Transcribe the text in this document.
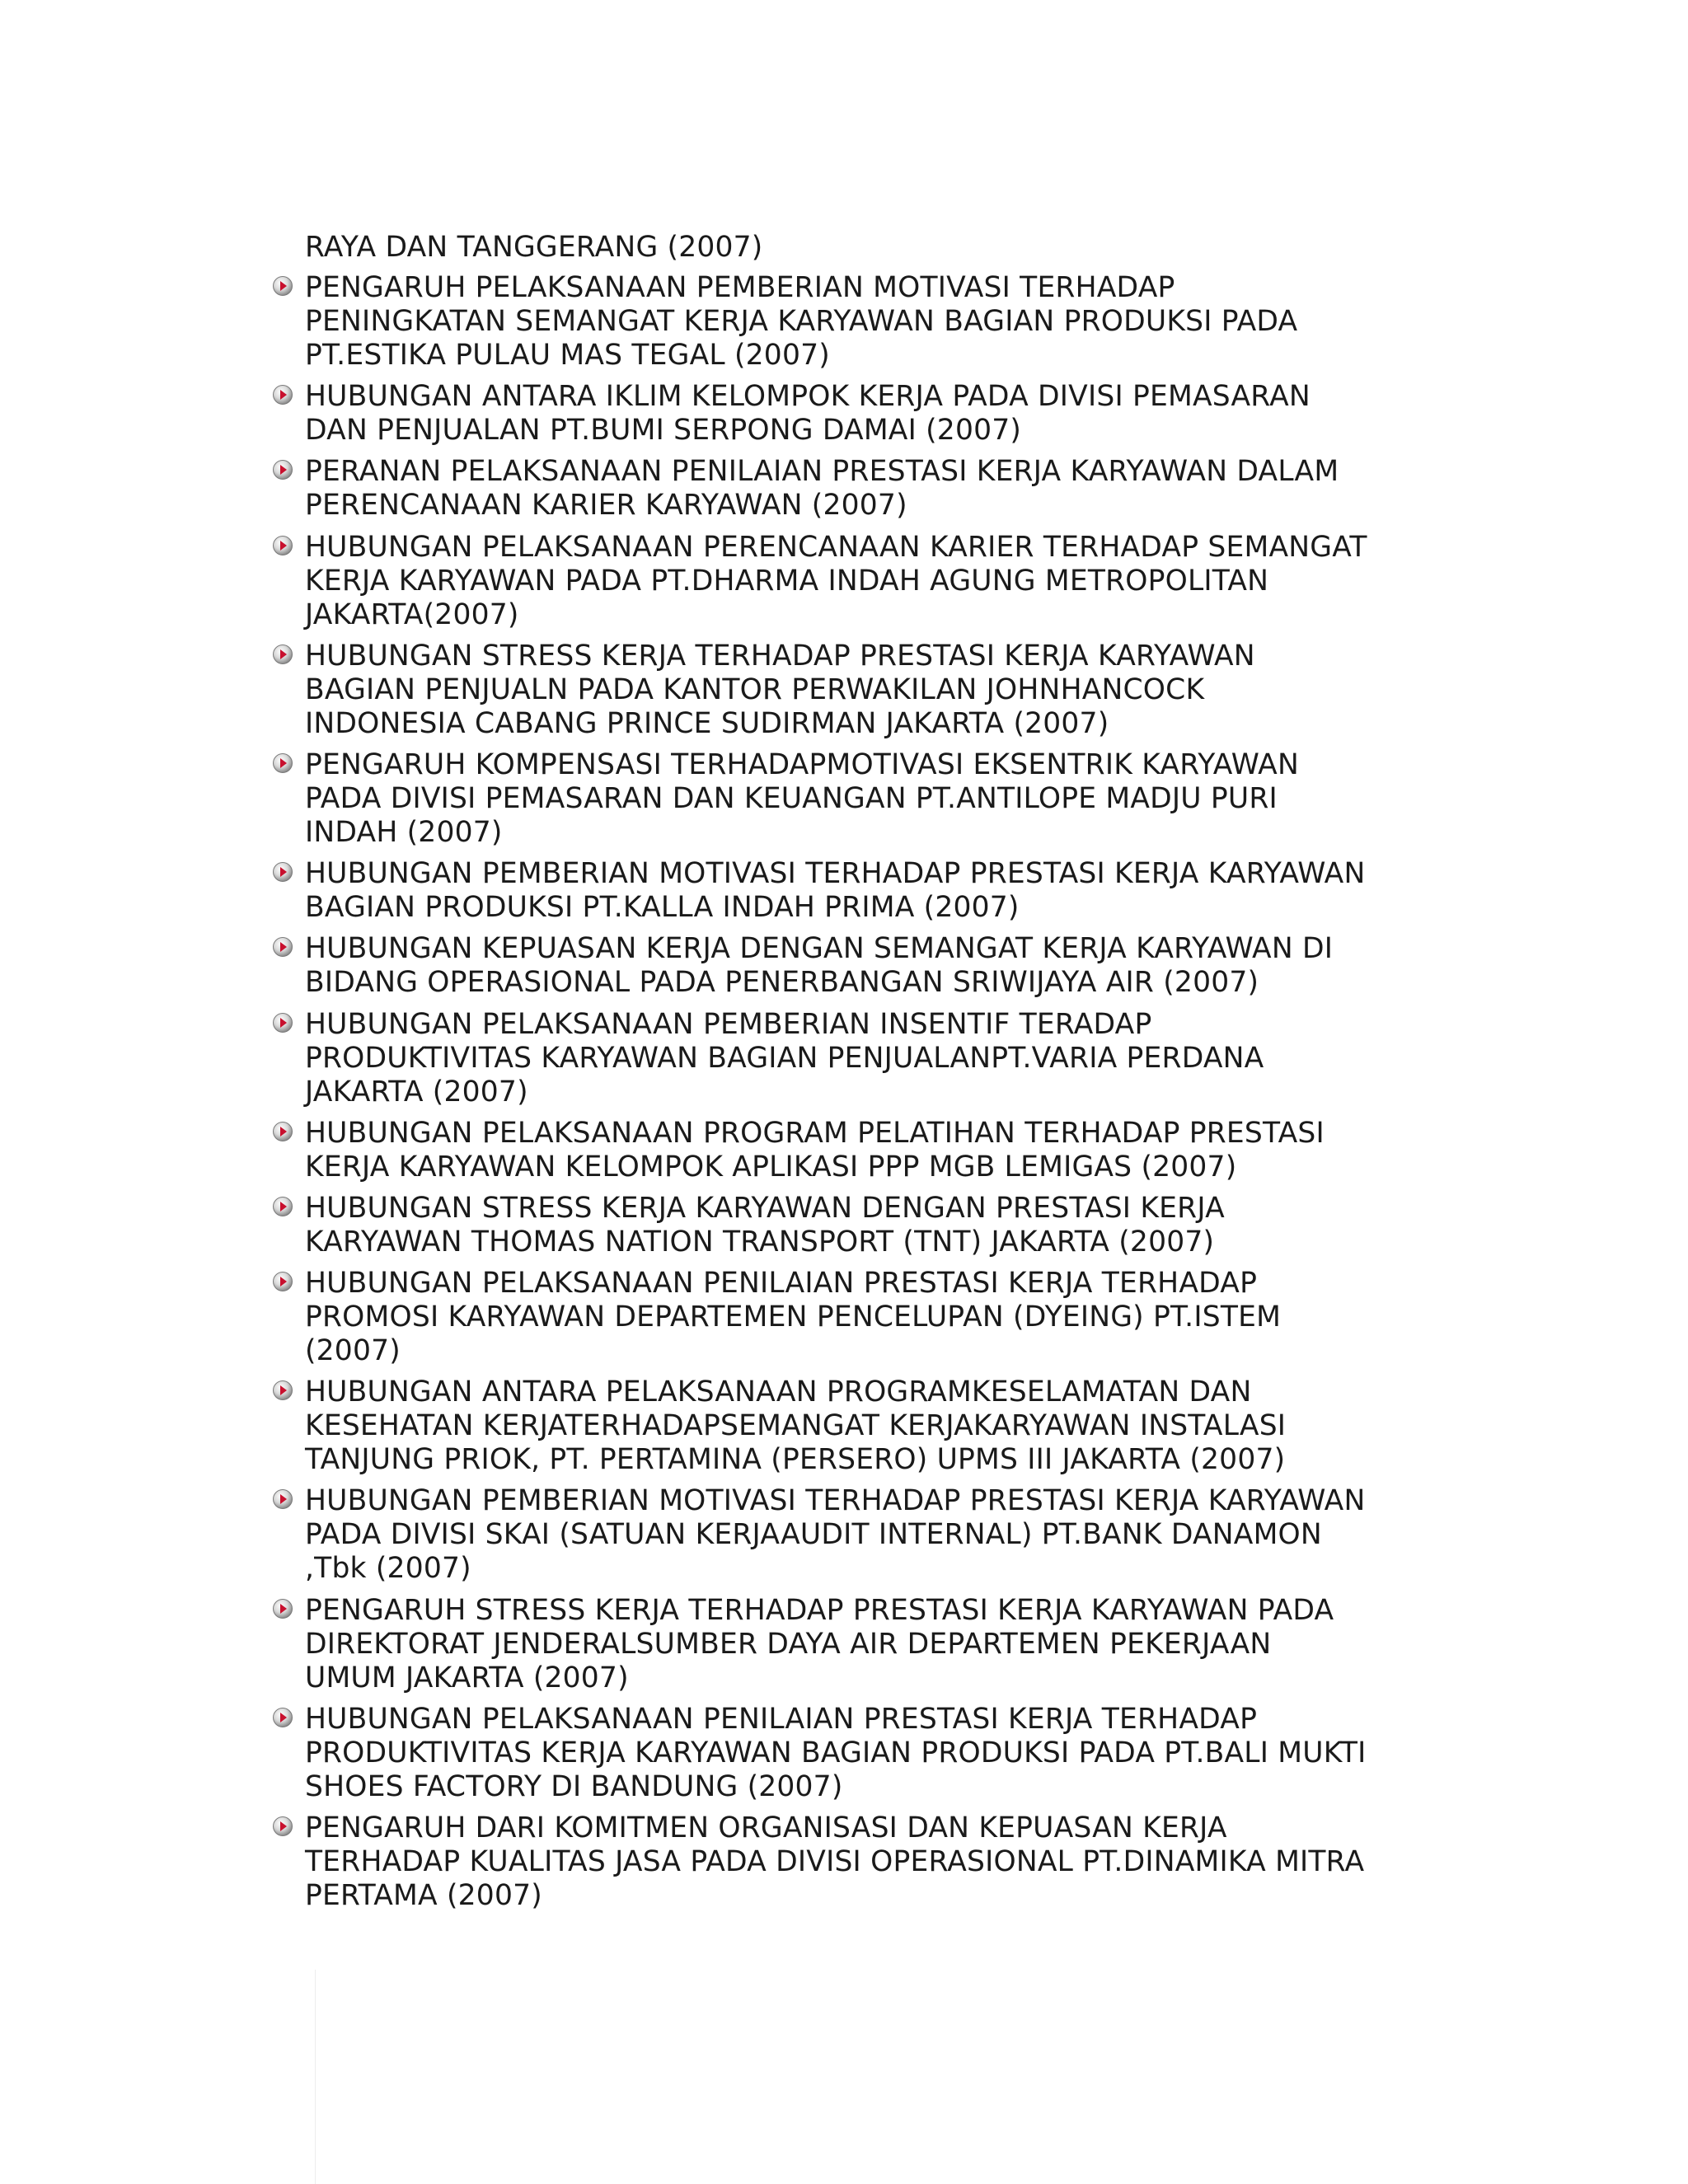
RAYA DAN TANGGERANG (2007)
PENGARUH PELAKSANAAN PEMBERIAN MOTIVASI TERHADAP PENINGKATAN SEMANGAT KERJA KARYAWAN BAGIAN PRODUKSI PADA PT.ESTIKA PULAU MAS TEGAL (2007)
HUBUNGAN ANTARA IKLIM KELOMPOK KERJA PADA DIVISI PEMASARAN DAN PENJUALAN PT.BUMI SERPONG DAMAI (2007)
PERANAN PELAKSANAAN PENILAIAN PRESTASI KERJA KARYAWAN DALAM PERENCANAAN KARIER KARYAWAN (2007)
HUBUNGAN PELAKSANAAN PERENCANAAN KARIER TERHADAP SEMANGAT KERJA KARYAWAN PADA PT.DHARMA INDAH AGUNG METROPOLITAN JAKARTA(2007)
HUBUNGAN STRESS KERJA TERHADAP PRESTASI KERJA KARYAWAN BAGIAN PENJUALN PADA KANTOR PERWAKILAN JOHNHANCOCK INDONESIA CABANG PRINCE SUDIRMAN JAKARTA (2007)
PENGARUH KOMPENSASI TERHADAPMOTIVASI EKSENTRIK KARYAWAN PADA DIVISI PEMASARAN DAN KEUANGAN PT.ANTILOPE MADJU PURI INDAH (2007)
HUBUNGAN PEMBERIAN MOTIVASI TERHADAP PRESTASI KERJA KARYAWAN BAGIAN PRODUKSI PT.KALLA INDAH PRIMA (2007)
HUBUNGAN KEPUASAN KERJA DENGAN SEMANGAT KERJA KARYAWAN DI BIDANG OPERASIONAL PADA PENERBANGAN SRIWIJAYA AIR (2007)
HUBUNGAN PELAKSANAAN PEMBERIAN INSENTIF TERADAP PRODUKTIVITAS KARYAWAN BAGIAN PENJUALANPT.VARIA PERDANA JAKARTA (2007)
HUBUNGAN PELAKSANAAN PROGRAM PELATIHAN TERHADAP PRESTASI KERJA KARYAWAN KELOMPOK APLIKASI PPP MGB LEMIGAS (2007)
HUBUNGAN STRESS KERJA KARYAWAN DENGAN PRESTASI KERJA KARYAWAN THOMAS NATION TRANSPORT (TNT) JAKARTA (2007)
HUBUNGAN PELAKSANAAN PENILAIAN PRESTASI KERJA TERHADAP PROMOSI KARYAWAN DEPARTEMEN PENCELUPAN (DYEING) PT.ISTEM (2007)
HUBUNGAN ANTARA PELAKSANAAN PROGRAMKESELAMATAN DAN KESEHATAN KERJATERHADAPSEMANGAT KERJAKARYAWAN INSTALASI TANJUNG PRIOK, PT. PERTAMINA (PERSERO) UPMS III JAKARTA (2007)
HUBUNGAN PEMBERIAN MOTIVASI TERHADAP PRESTASI KERJA KARYAWAN PADA DIVISI SKAI (SATUAN KERJAAUDIT INTERNAL) PT.BANK DANAMON ,Tbk (2007)
PENGARUH STRESS KERJA TERHADAP PRESTASI KERJA KARYAWAN PADA DIREKTORAT JENDERALSUMBER DAYA AIR DEPARTEMEN PEKERJAAN UMUM JAKARTA (2007)
HUBUNGAN PELAKSANAAN PENILAIAN PRESTASI KERJA TERHADAP PRODUKTIVITAS KERJA KARYAWAN BAGIAN PRODUKSI PADA PT.BALI MUKTI SHOES FACTORY DI BANDUNG (2007)
PENGARUH DARI KOMITMEN ORGANISASI DAN KEPUASAN KERJA TERHADAP KUALITAS JASA PADA DIVISI OPERASIONAL PT.DINAMIKA MITRA PERTAMA (2007)
